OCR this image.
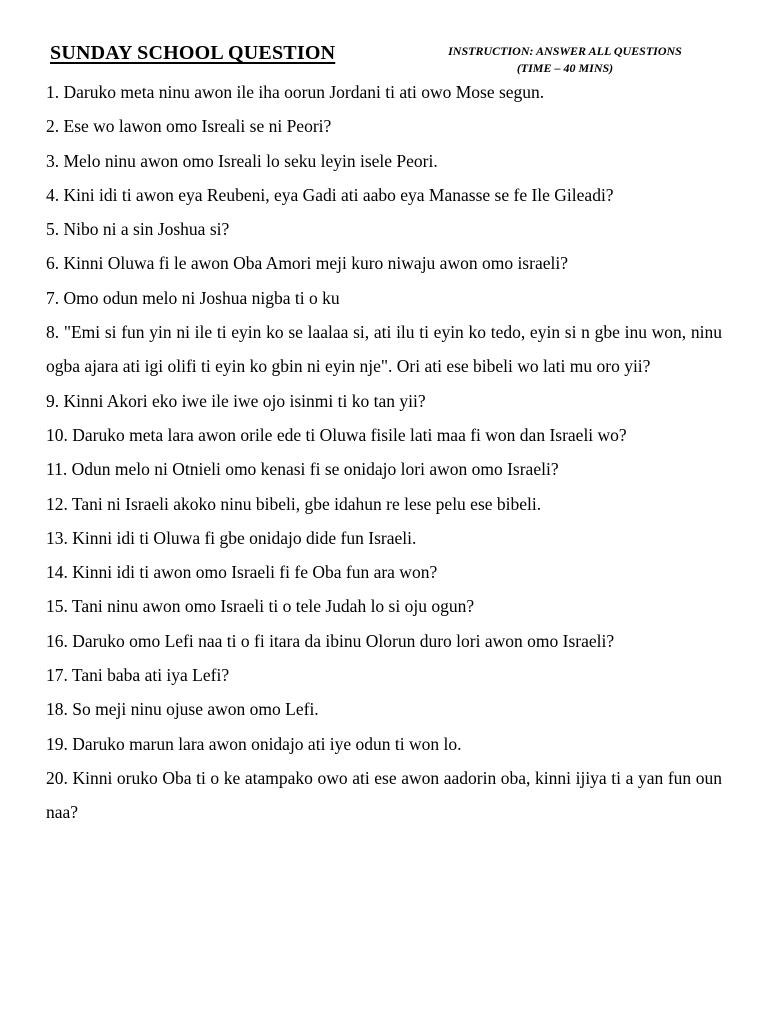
SUNDAY SCHOOL QUESTION	INSTRUCTION: ANSWER ALL QUESTIONS
(TIME – 40 MINS)
1. Daruko meta ninu awon ile iha oorun Jordani ti ati owo Mose segun.
2. Ese wo lawon omo Isreali se ni Peori?
3. Melo ninu awon omo Isreali lo seku leyin isele Peori.
4. Kini idi ti awon eya Reubeni, eya Gadi ati aabo eya Manasse se fe Ile Gileadi?
5. Nibo ni a sin Joshua si?
6. Kinni Oluwa fi le awon Oba Amori meji kuro niwaju awon omo israeli?
7. Omo odun melo ni Joshua nigba ti o ku
8. "Emi si fun yin ni ile ti eyin ko se laalaa si, ati ilu ti eyin ko tedo, eyin si n gbe inu won, ninu ogba ajara ati igi olifi ti eyin ko gbin ni eyin nje". Ori ati ese bibeli wo lati mu oro yii?
9. Kinni Akori eko iwe ile iwe ojo isinmi ti ko tan yii?
10. Daruko meta lara awon orile ede ti Oluwa fisile lati maa fi won dan Israeli wo?
11. Odun melo ni Otnieli omo kenasi fi se onidajo lori awon omo Israeli?
12. Tani ni Israeli akoko ninu bibeli, gbe idahun re lese pelu ese bibeli.
13. Kinni idi ti Oluwa fi gbe onidajo dide fun Israeli.
14. Kinni idi ti awon omo Israeli fi fe Oba fun ara won?
15. Tani ninu awon omo Israeli ti o tele Judah lo si oju ogun?
16. Daruko omo Lefi naa ti o fi itara da ibinu Olorun duro lori awon omo Israeli?
17. Tani baba ati iya Lefi?
18. So meji ninu ojuse awon omo Lefi.
19. Daruko marun lara awon onidajo ati iye odun ti won lo.
20. Kinni oruko Oba ti o ke atampako owo ati ese awon aadorin oba, kinni ijiya ti a yan fun oun naa?
